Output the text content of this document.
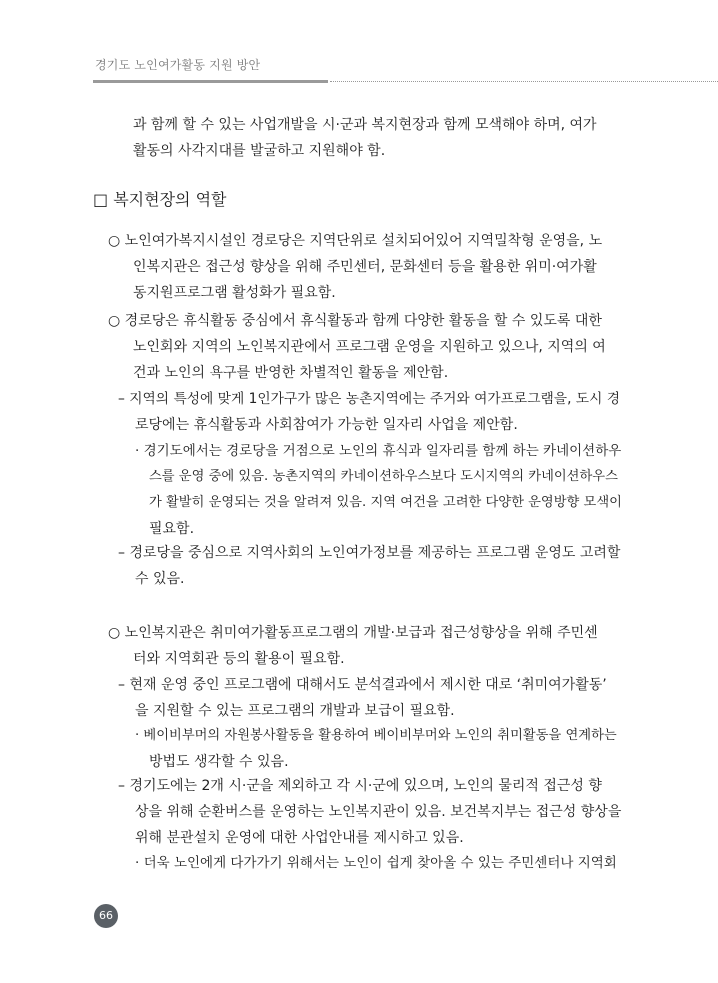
경기도 노인여가활동 지원 방안
과 함께 할 수 있는 사업개발을 시·군과 복지현장과 함께 모색해야 하며, 여가
활동의 사각지대를 발굴하고 지원해야 함.
□ 복지현장의 역할
○ 노인여가복지시설인 경로당은 지역단위로 설치되어있어 지역밀착형 운영을, 노
인복지관은 접근성 향상을 위해 주민센터, 문화센터 등을 활용한 위미·여가활
동지원프로그램 활성화가 필요함.
○ 경로당은 휴식활동 중심에서 휴식활동과 함께 다양한 활동을 할 수 있도록 대한
노인회와 지역의 노인복지관에서 프로그램 운영을 지원하고 있으나, 지역의 여
건과 노인의 욕구를 반영한 차별적인 활동을 제안함.
– 지역의 특성에 맞게 1인가구가 많은 농촌지역에는 주거와 여가프로그램을, 도시 경
로당에는 휴식활동과 사회참여가 가능한 일자리 사업을 제안함.
· 경기도에서는 경로당을 거점으로 노인의 휴식과 일자리를 함께 하는 카네이션하우
스를 운영 중에 있음. 농촌지역의 카네이션하우스보다 도시지역의 카네이션하우스
가 활발히 운영되는 것을 알려져 있음. 지역 여건을 고려한 다양한 운영방향 모색이
필요함.
– 경로당을 중심으로 지역사회의 노인여가정보를 제공하는 프로그램 운영도 고려할
수 있음.
○ 노인복지관은 취미여가활동프로그램의 개발·보급과 접근성향상을 위해 주민센
터와 지역회관 등의 활용이 필요함.
– 현재 운영 중인 프로그램에 대해서도 분석결과에서 제시한 대로 ‘취미여가활동’
을 지원할 수 있는 프로그램의 개발과 보급이 필요함.
· 베이비부머의 자원봉사활동을 활용하여 베이비부머와 노인의 취미활동을 연계하는
방법도 생각할 수 있음.
– 경기도에는 2개 시·군을 제외하고 각 시·군에 있으며, 노인의 물리적 접근성 향
상을 위해 순환버스를 운영하는 노인복지관이 있음. 보건복지부는 접근성 향상을
위해 분관설치 운영에 대한 사업안내를 제시하고 있음.
· 더욱 노인에게 다가가기 위해서는 노인이 쉽게 찾아올 수 있는 주민센터나 지역회
66
